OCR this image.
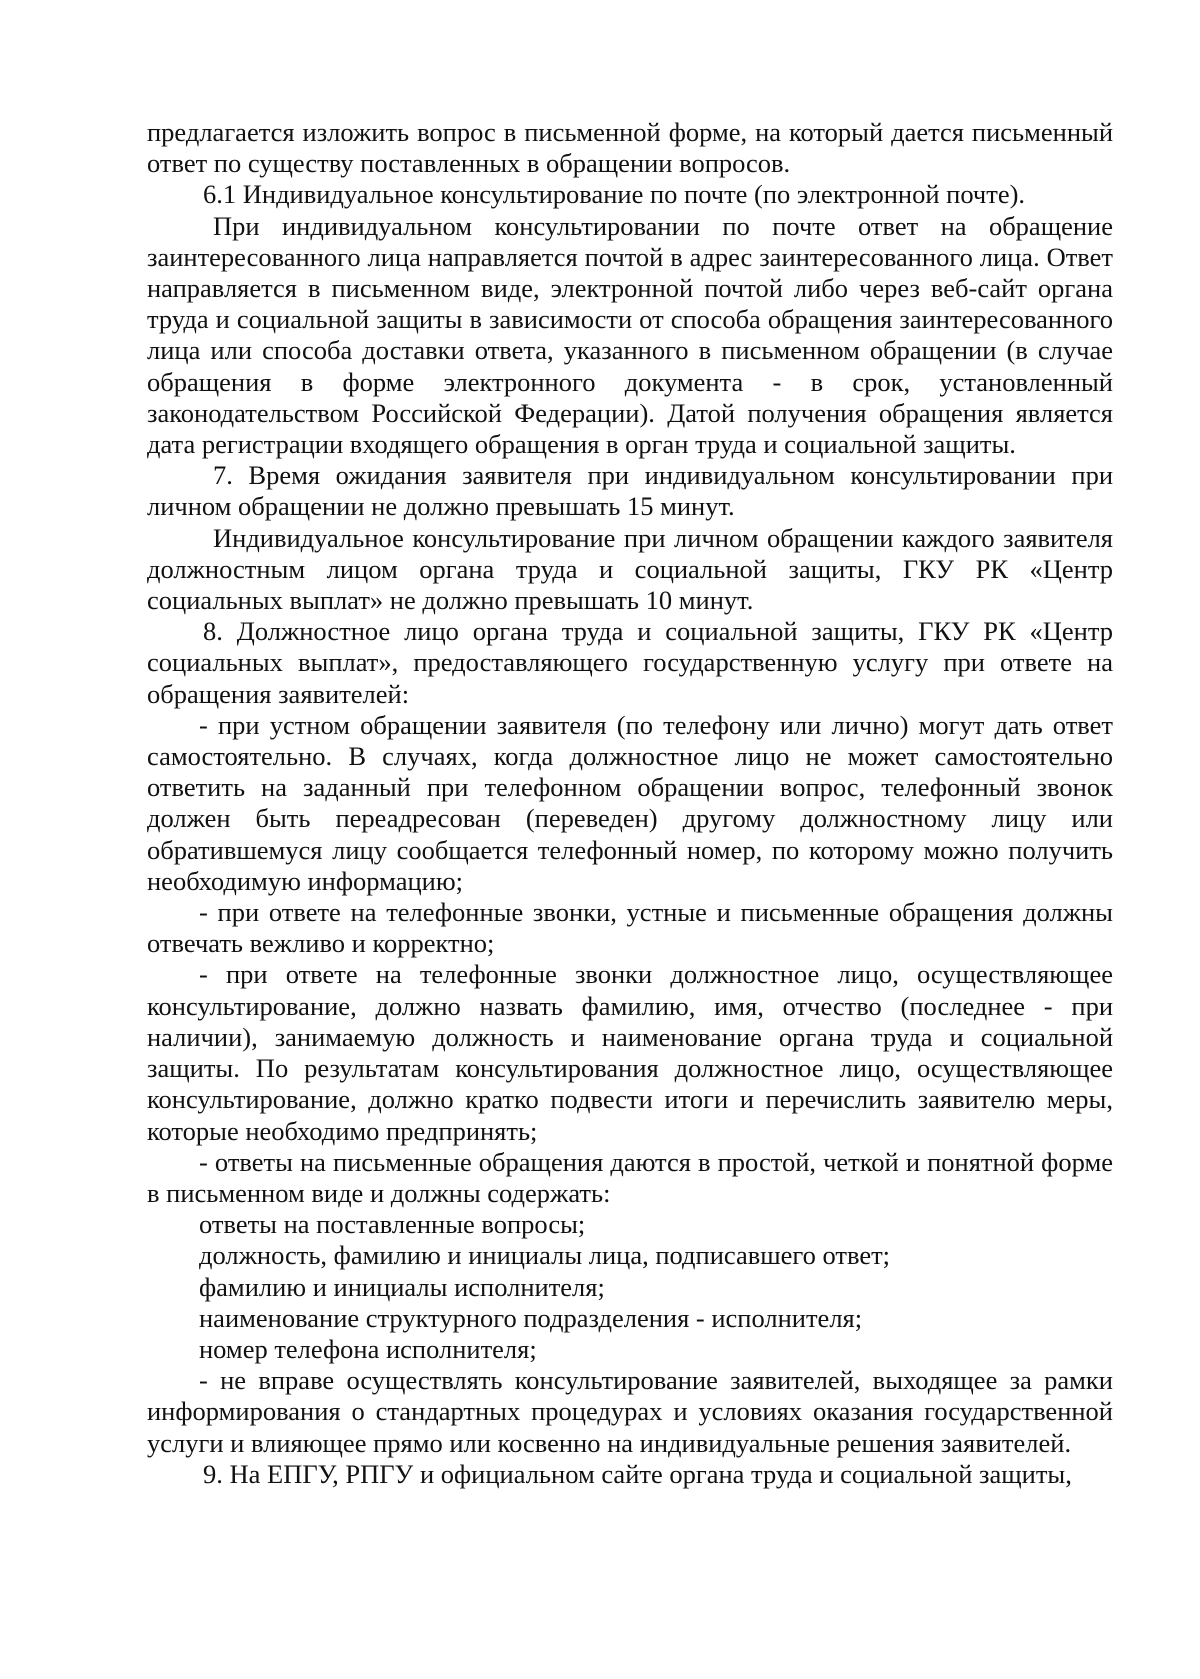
предлагается изложить вопрос в письменной форме, на который дается письменный ответ по существу поставленных в обращении вопросов.

6.1 Индивидуальное консультирование по почте (по электронной почте).

При индивидуальном консультировании по почте ответ на обращение заинтересованного лица направляется почтой в адрес заинтересованного лица. Ответ направляется в письменном виде, электронной почтой либо через веб-сайт органа труда и социальной защиты в зависимости от способа обращения заинтересованного лица или способа доставки ответа, указанного в письменном обращении (в случае обращения в форме электронного документа - в срок, установленный законодательством Российской Федерации). Датой получения обращения является дата регистрации входящего обращения в орган труда и социальной защиты.

7. Время ожидания заявителя при индивидуальном консультировании при личном обращении не должно превышать 15 минут.

Индивидуальное консультирование при личном обращении каждого заявителя должностным лицом органа труда и социальной защиты, ГКУ РК «Центр социальных выплат» не должно превышать 10 минут.

8. Должностное лицо органа труда и социальной защиты, ГКУ РК «Центр социальных выплат», предоставляющего государственную услугу при ответе на обращения заявителей:

- при устном обращении заявителя (по телефону или лично) могут дать ответ самостоятельно. В случаях, когда должностное лицо не может самостоятельно ответить на заданный при телефонном обращении вопрос, телефонный звонок должен быть переадресован (переведен) другому должностному лицу или обратившемуся лицу сообщается телефонный номер, по которому можно получить необходимую информацию;

- при ответе на телефонные звонки, устные и письменные обращения должны отвечать вежливо и корректно;

- при ответе на телефонные звонки должностное лицо, осуществляющее консультирование, должно назвать фамилию, имя, отчество (последнее - при наличии), занимаемую должность и наименование органа труда и социальной защиты. По результатам консультирования должностное лицо, осуществляющее консультирование, должно кратко подвести итоги и перечислить заявителю меры, которые необходимо предпринять;

- ответы на письменные обращения даются в простой, четкой и понятной форме в письменном виде и должны содержать:

ответы на поставленные вопросы;

должность, фамилию и инициалы лица, подписавшего ответ;

фамилию и инициалы исполнителя;

наименование структурного подразделения - исполнителя;

номер телефона исполнителя;

- не вправе осуществлять консультирование заявителей, выходящее за рамки информирования о стандартных процедурах и условиях оказания государственной услуги и влияющее прямо или косвенно на индивидуальные решения заявителей.

9. На ЕПГУ, РПГУ и официальном сайте органа труда и социальной защиты,
